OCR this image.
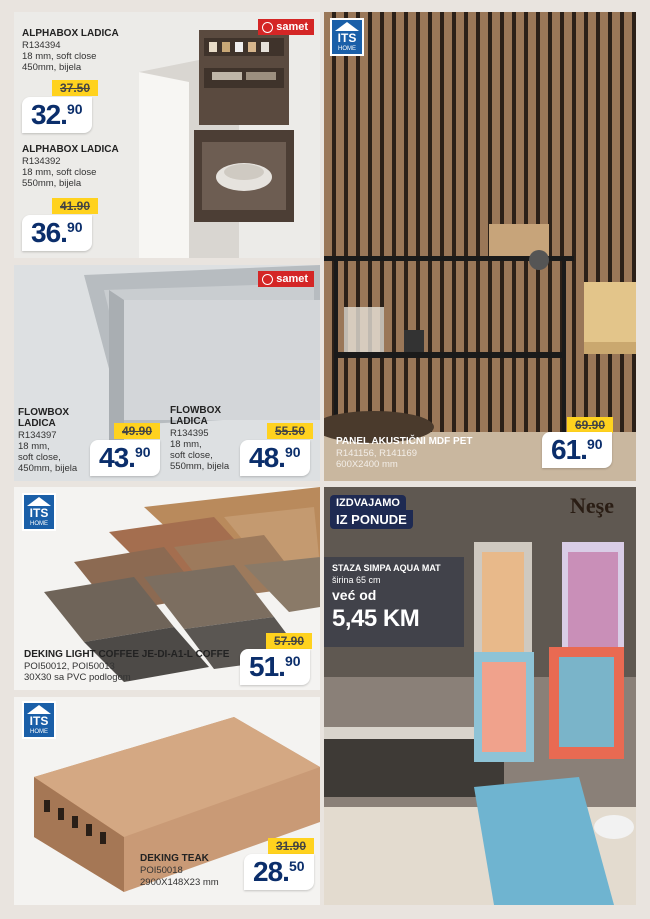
samet
ALPHABOX LADICA
R134394
18 mm, soft close
450mm, bijela
37.50
32.90
ALPHABOX LADICA
R134392
18 mm, soft close
550mm, bijela
41.90
36.90
samet
FLOWBOX
LADICA
R134397
18 mm,
soft close,
450mm, bijela
49.90
43.90
FLOWBOX
LADICA
R134395
18 mm,
soft close,
550mm, bijela
55.50
48.90
ITS
HOME
PANEL AKUSTIČNI MDF PET
R141156, R141169
600X2400 mm
69.90
61.90
ITS
HOME
DEKING LIGHT COFFEE JE-DI-A1-L COFFE
POI50012, POI50013
30X30 sa PVC podlogom
57.90
51.90
ITS
HOME
DEKING TEAK
POI50018
2900X148X23 mm
31.90
28.50
IZDVAJAMO
IZ PONUDE
Neşe
STAZA SIMPA AQUA MAT
širina 65 cm
već od
5,45 KM
